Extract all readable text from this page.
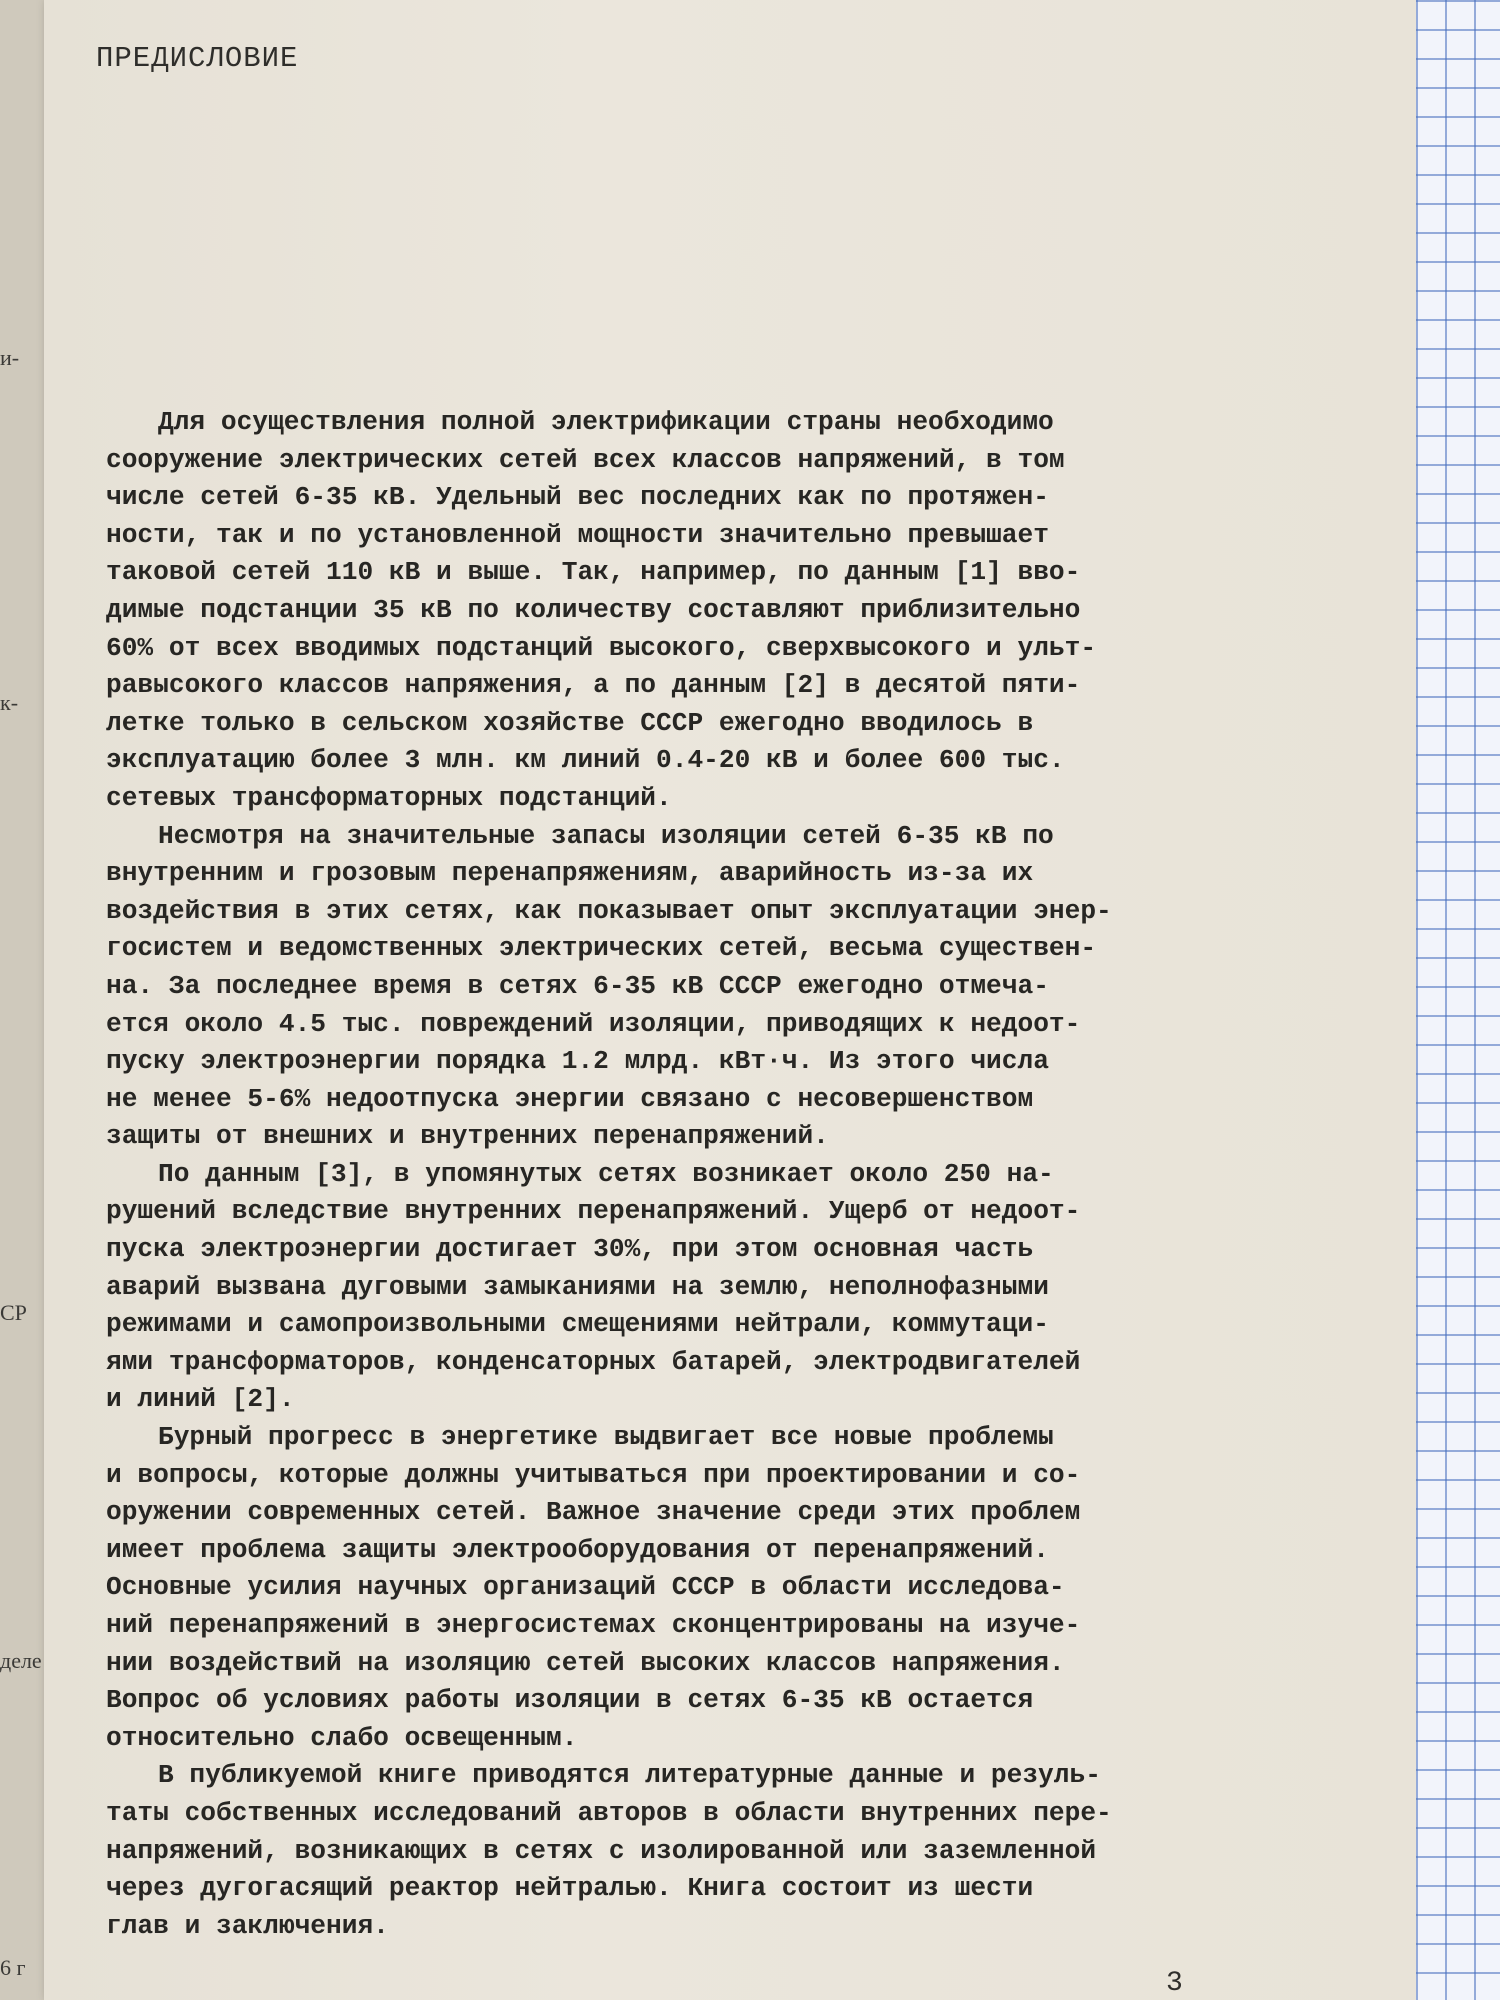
и-
к-
СР
деле
6 г
ПРЕДИСЛОВИЕ

Для осуществления полной электрификации страны необходимо
сооружение электрических сетей всех классов напряжений, в том
числе сетей 6-35 кВ. Удельный вес последних как по протяжен-
ности, так и по установленной мощности значительно превышает
таковой сетей 110 кВ и выше. Так, например, по данным [1] вво-
димые подстанции 35 кВ по количеству составляют приблизительно
60% от всех вводимых подстанций высокого, сверхвысокого и ульт-
равысокого классов напряжения, а по данным [2] в десятой пяти-
летке только в сельском хозяйстве СССР ежегодно вводилось в
эксплуатацию более 3 млн. км линий 0.4-20 кВ и более 600 тыс.
сетевых трансформаторных подстанций.

Несмотря на значительные запасы изоляции сетей 6-35 кВ по
внутренним и грозовым перенапряжениям, аварийность из-за их
воздействия в этих сетях, как показывает опыт эксплуатации энер-
госистем и ведомственных электрических сетей, весьма существен-
на. За последнее время в сетях 6-35 кВ СССР ежегодно отмеча-
ется около 4.5 тыс. повреждений изоляции, приводящих к недоот-
пуску электроэнергии порядка 1.2 млрд. кВт·ч. Из этого числа
не менее 5-6% недоотпуска энергии связано с несовершенством
защиты от внешних и внутренних перенапряжений.

По данным [3], в упомянутых сетях возникает около 250 на-
рушений вследствие внутренних перенапряжений. Ущерб от недоот-
пуска электроэнергии достигает 30%, при этом основная часть
аварий вызвана дуговыми замыканиями на землю, неполнофазными
режимами и самопроизвольными смещениями нейтрали, коммутаци-
ями трансформаторов, конденсаторных батарей, электродвигателей
и линий [2].

Бурный прогресс в энергетике выдвигает все новые проблемы
и вопросы, которые должны учитываться при проектировании и со-
оружении современных сетей. Важное значение среди этих проблем
имеет проблема защиты электрооборудования от перенапряжений.
Основные усилия научных организаций СССР в области исследова-
ний перенапряжений в энергосистемах сконцентрированы на изуче-
нии воздействий на изоляцию сетей высоких классов напряжения.
Вопрос об условиях работы изоляции в сетях 6-35 кВ остается
относительно слабо освещенным.

В публикуемой книге приводятся литературные данные и резуль-
таты собственных исследований авторов в области внутренних пере-
напряжений, возникающих в сетях с изолированной или заземленной
через дугогасящий реактор нейтралью. Книга состоит из шести
глав и заключения.

3
